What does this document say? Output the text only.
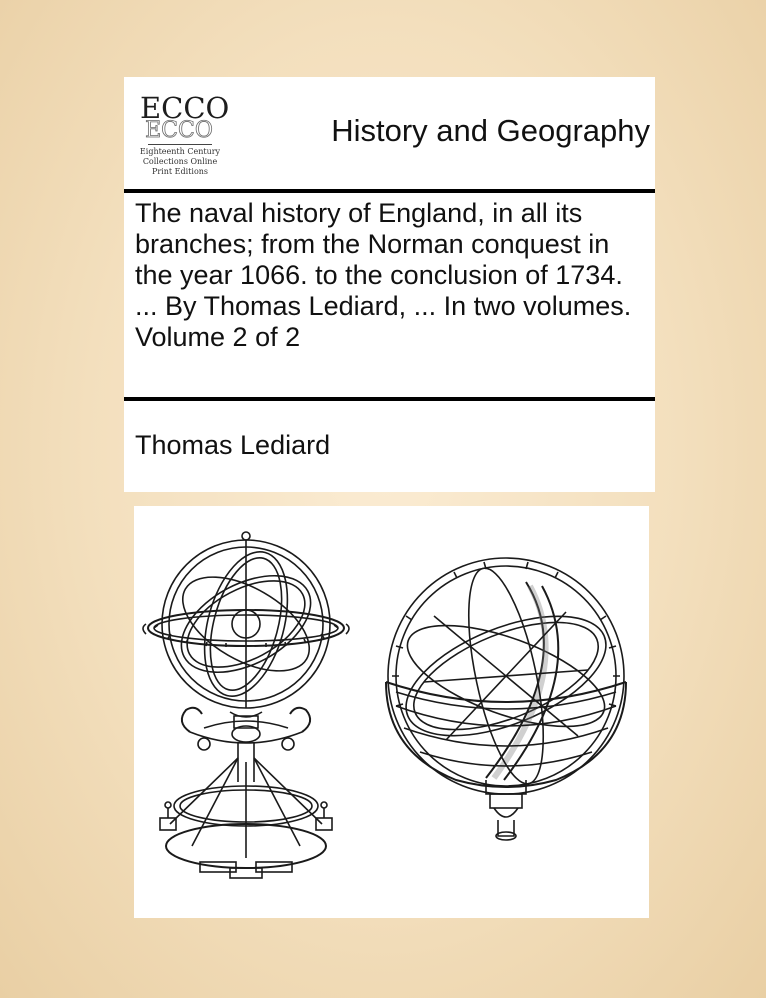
ECCO
ECCO
Eighteenth Century
Collections Online
Print Editions
History and Geography
The naval history of England, in all its branches; from the Norman conquest in the year 1066. to the conclusion of 1734. ... By Thomas Lediard, ... In two volumes. Volume 2 of 2
Thomas Lediard
